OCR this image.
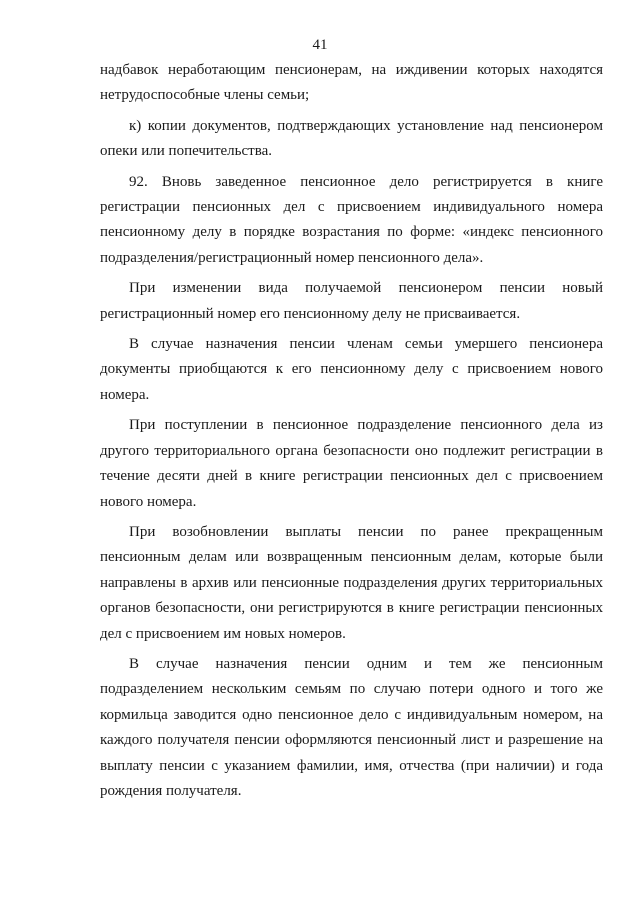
41

надбавок неработающим пенсионерам, на иждивении которых находятся нетрудоспособные члены семьи;

к) копии документов, подтверждающих установление над пенсионером опеки или попечительства.

92. Вновь заведенное пенсионное дело регистрируется в книге регистрации пенсионных дел с присвоением индивидуального номера пенсионному делу в порядке возрастания по форме: «индекс пенсионного подразделения/регистрационный номер пенсионного дела».

При изменении вида получаемой пенсионером пенсии новый регистрационный номер его пенсионному делу не присваивается.

В случае назначения пенсии членам семьи умершего пенсионера документы приобщаются к его пенсионному делу с присвоением нового номера.

При поступлении в пенсионное подразделение пенсионного дела из другого территориального органа безопасности оно подлежит регистрации в течение десяти дней в книге регистрации пенсионных дел с присвоением нового номера.

При возобновлении выплаты пенсии по ранее прекращенным пенсионным делам или возвращенным пенсионным делам, которые были направлены в архив или пенсионные подразделения других территориальных органов безопасности, они регистрируются в книге регистрации пенсионных дел с присвоением им новых номеров.

В случае назначения пенсии одним и тем же пенсионным подразделением нескольким семьям по случаю потери одного и того же кормильца заводится одно пенсионное дело с индивидуальным номером, на каждого получателя пенсии оформляются пенсионный лист и разрешение на выплату пенсии с указанием фамилии, имя, отчества (при наличии) и года рождения получателя.
